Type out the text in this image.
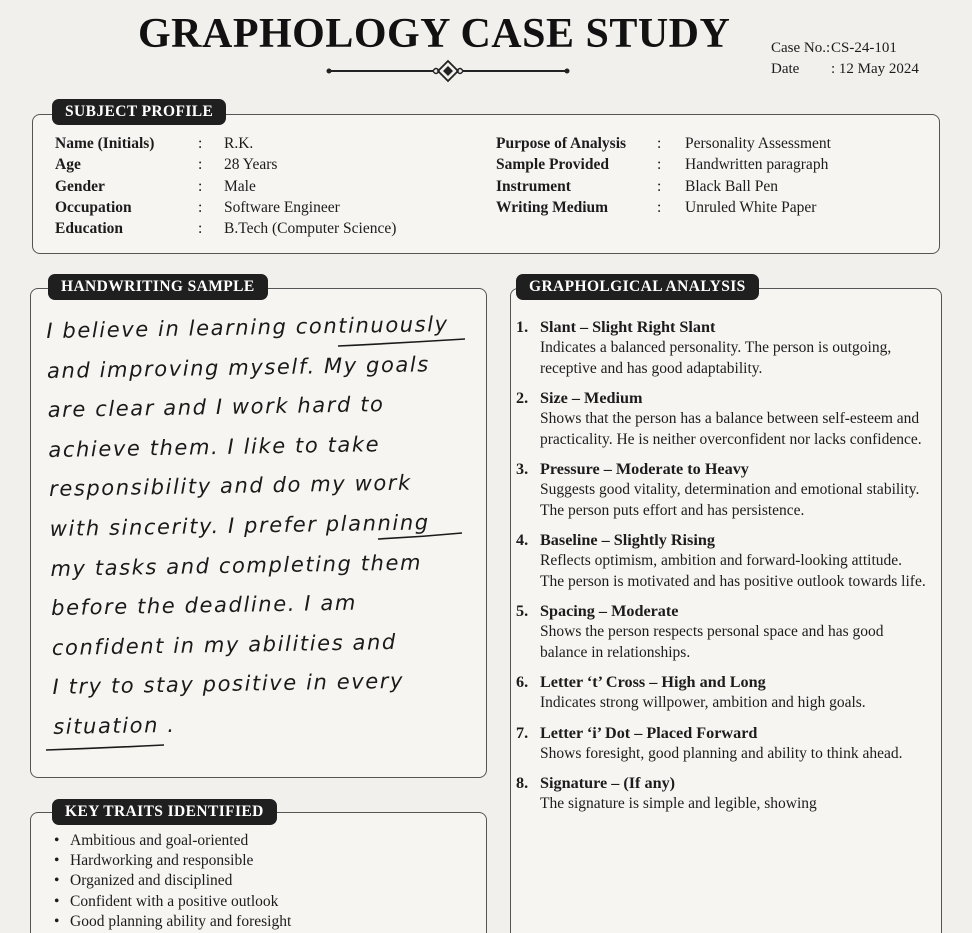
GRAPHOLOGY CASE STUDY	Case No.: CS-24-101
Date	: 12 May 2024
SUBJECT PROFILE
Name (Initials)	:	R.K.
Age	:	28 Years
Gender	:	Male
Occupation	:	Software Engineer
Education	:	B.Tech (Computer Science)
Purpose of Analysis	:	Personality Assessment
Sample Provided	:	Handwritten paragraph
Instrument	:	Black Ball Pen
Writing Medium	:	Unruled White Paper
HANDWRITING SAMPLE
I believe in learning continuously
and improving myself. My goals
are clear and I work hard to
achieve them. I like to take
responsibility and do my work
with sincerity. I prefer planning
my tasks and completing them
before the deadline. I am
confident in my abilities and
I try to stay positive in every
situation .
KEY TRAITS IDENTIFIED
• Ambitious and goal-oriented
• Hardworking and responsible
• Organized and disciplined
• Confident with a positive outlook
• Good planning ability and foresight
GRAPHOLGICAL ANALYSIS
1. Slant – Slight Right Slant
Indicates a balanced personality. The person is outgoing, receptive and has good adaptability.
2. Size – Medium
Shows that the person has a balance between self-esteem and practicality. He is neither overconfident nor lacks confidence.
3. Pressure – Moderate to Heavy
Suggests good vitality, determination and emotional stability. The person puts effort and has persistence.
4. Baseline – Slightly Rising
Reflects optimism, ambition and forward-looking attitude. The person is motivated and has positive outlook towards life.
5. Spacing – Moderate
Shows the person respects personal space and has good balance in relationships.
6. Letter ‘t’ Cross – High and Long
Indicates strong willpower, ambition and high goals.
7. Letter ‘i’ Dot – Placed Forward
Shows foresight, good planning and ability to think ahead.
8. Signature – (If any)
The signature is simple and legible, showing
